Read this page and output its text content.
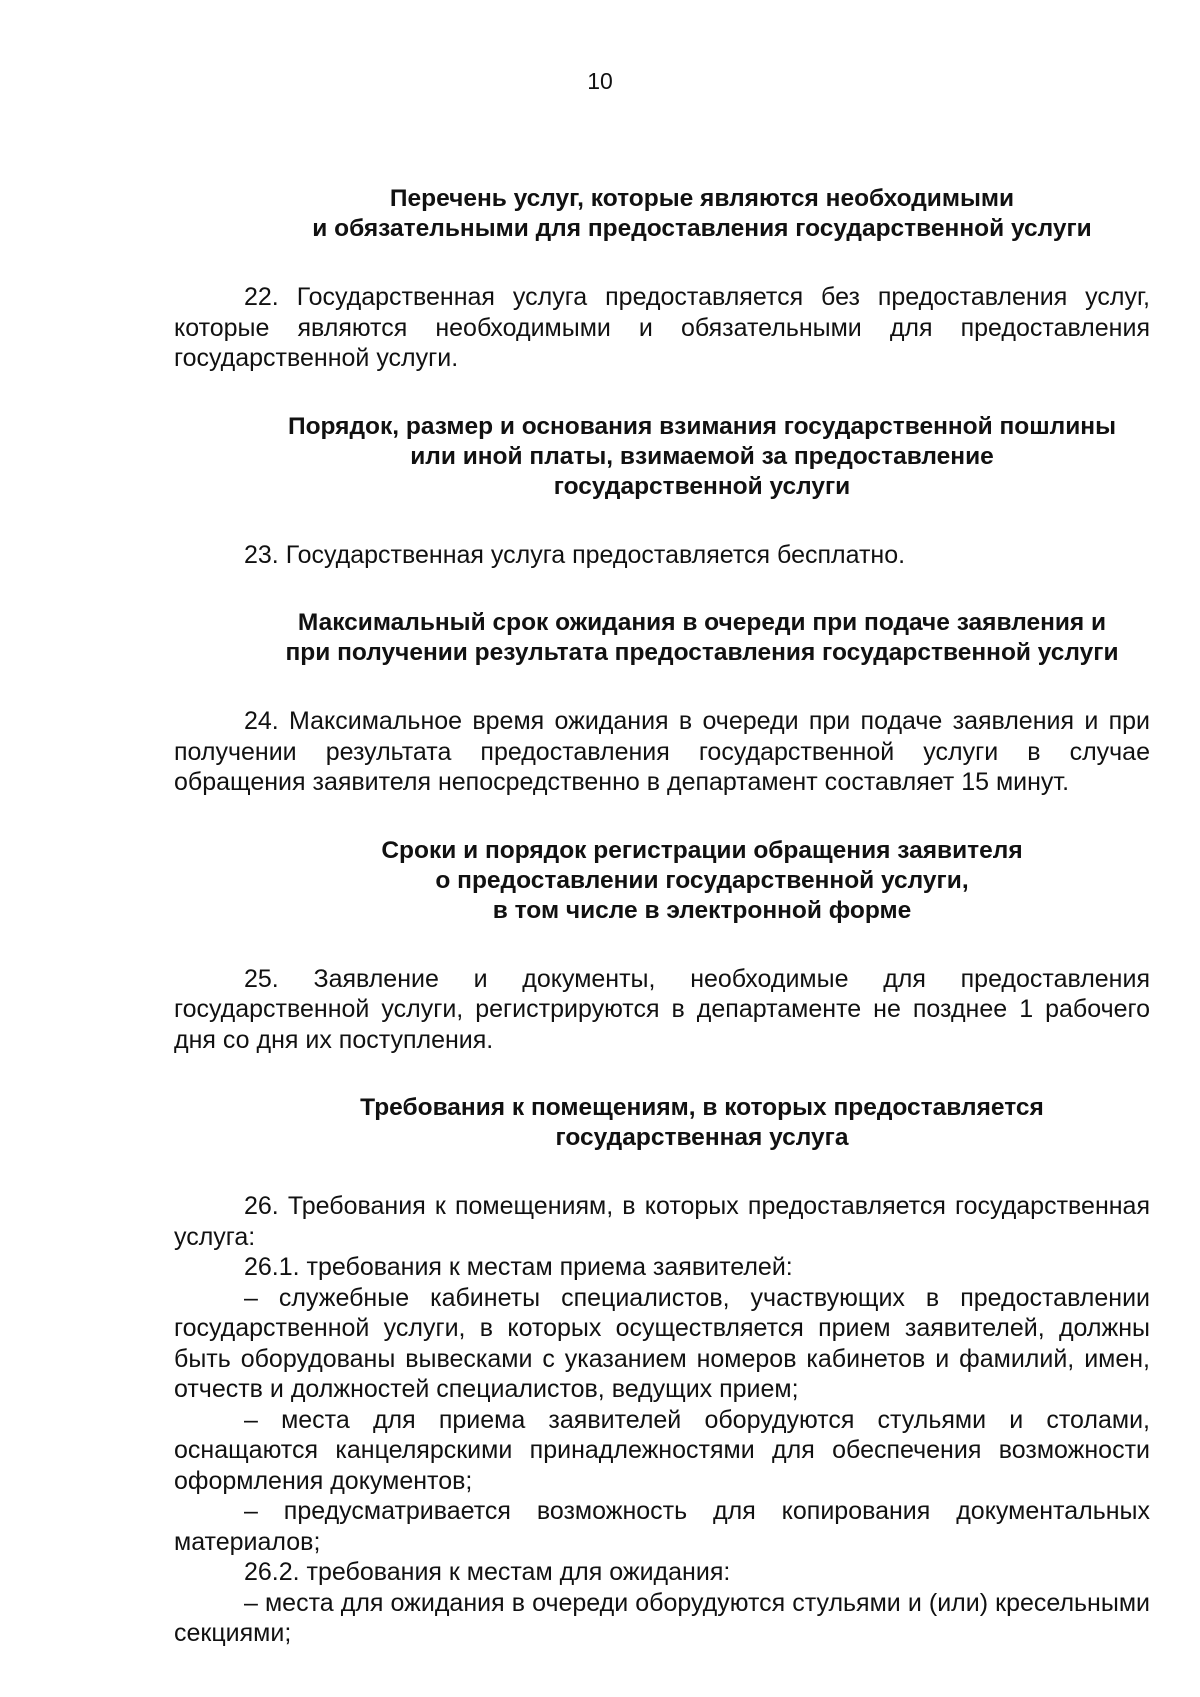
10
Перечень услуг, которые являются необходимыми
и обязательными для предоставления государственной услуги

22. Государственная услуга предоставляется без предоставления услуг, которые являются необходимыми и обязательными для предоставления государственной услуги.

Порядок, размер и основания взимания государственной пошлины
или иной платы, взимаемой за предоставление
государственной услуги

23. Государственная услуга предоставляется бесплатно.

Максимальный срок ожидания в очереди при подаче заявления и
при получении результата предоставления государственной услуги

24. Максимальное время ожидания в очереди при подаче заявления и при получении результата предоставления государственной услуги в случае обращения заявителя непосредственно в департамент составляет 15 минут.

Сроки и порядок регистрации обращения заявителя
о предоставлении государственной услуги,
в том числе в электронной форме

25. Заявление и документы, необходимые для предоставления государственной услуги, регистрируются в департаменте не позднее 1 рабочего дня со дня их поступления.

Требования к помещениям, в которых предоставляется
государственная услуга

26. Требования к помещениям, в которых предоставляется государственная услуга:

26.1. требования к местам приема заявителей:

– служебные кабинеты специалистов, участвующих в предоставлении государственной услуги, в которых осуществляется прием заявителей, должны быть оборудованы вывесками с указанием номеров кабинетов и фамилий, имен, отчеств и должностей специалистов, ведущих прием;

– места для приема заявителей оборудуются стульями и столами, оснащаются канцелярскими принадлежностями для обеспечения возможности оформления документов;

– предусматривается возможность для копирования документальных материалов;

26.2. требования к местам для ожидания:

– места для ожидания в очереди оборудуются стульями и (или) кресельными секциями;
